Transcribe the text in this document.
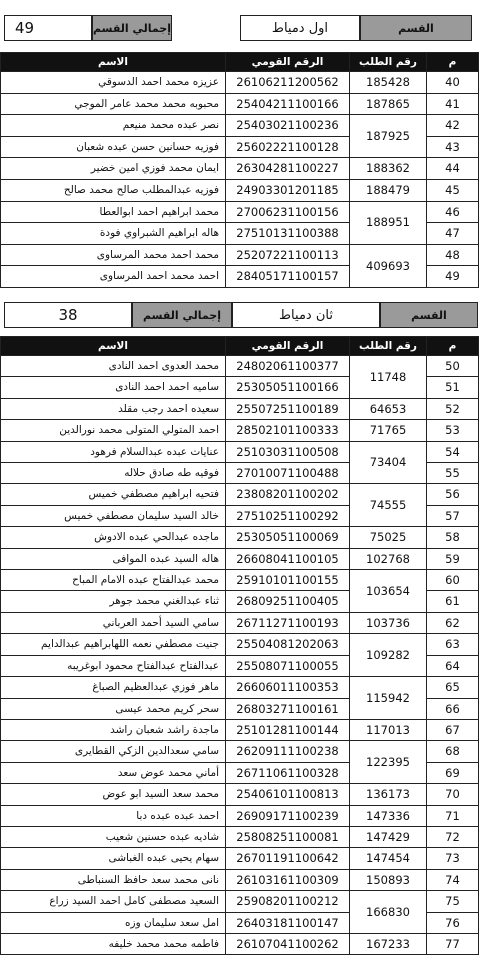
49	إجمالي القسم	اول دمياط	القسم
الاسم	الرقم القومي	رقم الطلب	م
عزيزه محمد احمد الدسوقي	26106211200562	185428	40
محبوبه محمد محمد عامر الموجي	25404211100166	187865	41
نصر عبده محمد منيعم	25403021100236	187925	42
فوزيه حسانين حسن عبده شعبان	25602221100128		43
ايمان محمد فوزي امين خضير	26304281100227	188362	44
فوزيه عبدالمطلب صالح محمد صالح	24903301201185	188479	45
محمد ابراهيم احمد ابوالعطا	27006231100156	188951	46
هاله ابراهيم الشبراوي فودة	27510131100388		47
محمد احمد محمد المرساوى	25207221100113	409693	48
احمد محمد احمد المرساوى	28405171100157		49
38	إجمالي القسم	ثان دمياط	القسم
الاسم	الرقم القومي	رقم الطلب	م
محمد العدوى احمد النادى	24802061100377	11748	50
ساميه احمد احمد النادى	25305051100166		51
سعيده احمد رجب مقلد	25507251100189	64653	52
احمد المتولي المتولى محمد نورالدين	28502101100333	71765	53
عنايات عبده عبدالسلام فرهود	25103031100508	73404	54
فوقيه طه صادق حلاله	27010071100488		55
فتحيه ابراهيم مصطفي خميس	23808201100202	74555	56
خالد السيد سليمان مصطفي خميس	27510251100292		57
ماجده عبدالحي عبده الادوش	25305051100069	75025	58
هاله السيد عبده الموافى	26608041100105	102768	59
محمد عبدالفتاح عبده الامام المباح	25910101100155	103654	60
ثناء عبدالغني محمد جوهر	26809251100405		61
سامي السيد أحمد العرباني	26711271100193	103736	62
جنيت مصطفي نعمه اللهابراهيم عبدالدايم	25504081202063	109282	63
عبدالفتاح عبدالفتاح محمود ابوغريبه	25508071100055		64
ماهر فوزي عبدالعظيم الصباغ	26606011100353	115942	65
سحر كريم محمد عيسى	26803271100161		66
ماجدة راشد شعبان راشد	25101281100144	117013	67
سامي سعدالدين الزكي القطايرى	26209111100238	122395	68
أماني محمد عوض سعد	26711061100328		69
محمد سعد السيد ابو عوض	25406101100813	136173	70
احمد عبده عبده دبا	26909171100239	147336	71
شاديه عبده حسنين شعيب	25808251100081	147429	72
سهام يحيى عبده الغباشى	26701191100642	147454	73
نانى محمد سعد حافظ السنباطى	26103161100309	150893	74
السعيد مصطفى كامل احمد السيد زراع	25908201100212	166830	75
امل سعد سليمان وزه	26403181100147		76
فاطمه محمد محمد خليفه	26107041100262	167233	77
